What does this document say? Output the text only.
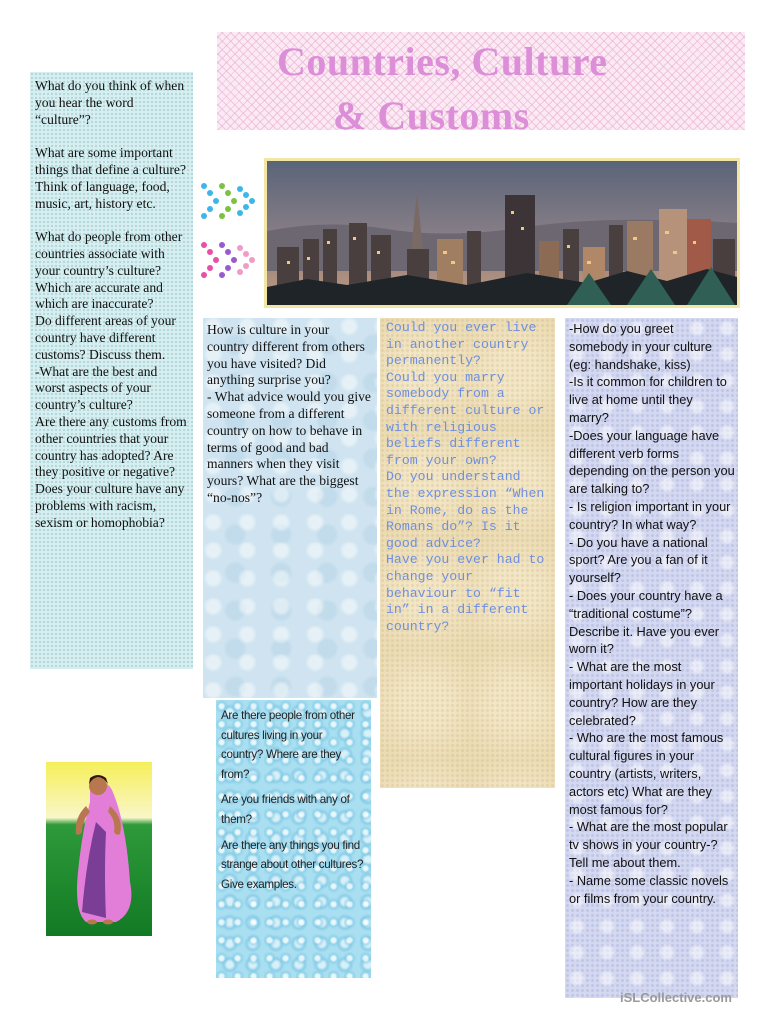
Countries, Culture
& Customs

What do you think of when you hear the word “culture”?

What are some important things that define a culture? Think of language, food, music, art, history etc.

What do people from other countries associate with your country’s culture? Which are accurate and which are inaccurate?

Do different areas of your country have different customs? Discuss them.

-What are the best and worst aspects of your country’s culture?

Are there any customs from other countries that your country has adopted? Are they positive or negative?

Does your culture have any problems with racism, sexism or homophobia?

How is culture in your country different from others you have visited? Did anything surprise you?

- What advice would you give someone from a different country on how to behave in terms of good and bad manners when they visit yours? What are the biggest “no-nos”?

Could you ever live in another country permanently?

Could you marry somebody from a different culture or with religious beliefs different from your own?

Do you understand the expression “When in Rome, do as the Romans do”? Is it good advice?

Have you ever had to change your behaviour to “fit in” in a different country?

-How do you greet somebody in your culture (eg: handshake, kiss)

-Is it common for children to live at home until they marry?

-Does your language have different verb forms depending on the person you are talking to?

- Is religion important in your country? In what way?

- Do you have a national sport? Are you a fan of it yourself?

- Does your country have a “traditional costume”? Describe it. Have you ever worn it?

- What are the most important holidays in your country? How are they celebrated?

- Who are the most famous cultural figures in your country (artists, writers, actors etc) What are they most famous for?

- What are the most popular tv shows in your country-? Tell me about them.

- Name some classic novels or films from your country.

Are there people from other cultures living in your country? Where are they from?

Are you friends with any of them?

Are there any things you find strange about other cultures? Give examples.

iSLCollective.com
